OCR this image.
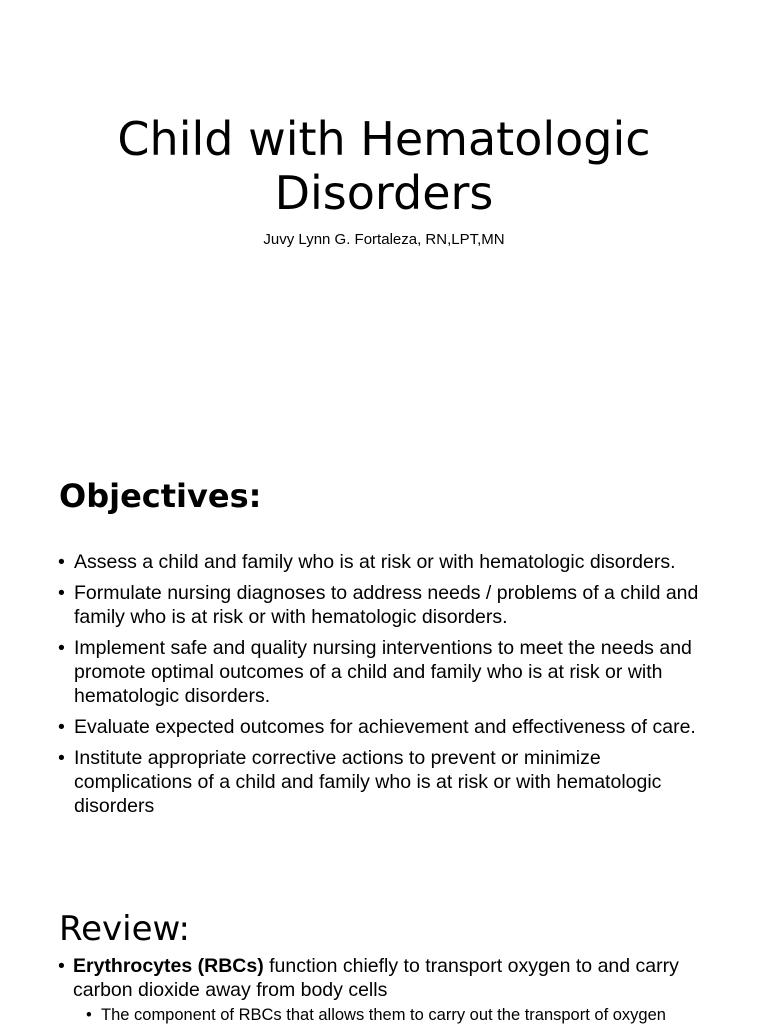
Child with Hematologic Disorders
Juvy Lynn G. Fortaleza, RN,LPT,MN
Objectives:
• Assess a child and family who is at risk or with hematologic disorders.
• Formulate nursing diagnoses to address needs / problems of a child and family who is at risk or with hematologic disorders.
• Implement safe and quality nursing interventions to meet the needs and promote optimal outcomes of a child and family who is at risk or with hematologic disorders.
• Evaluate expected outcomes for achievement and effectiveness of care.
• Institute appropriate corrective actions to prevent or minimize complications of a child and family who is at risk or with hematologic disorders
Review:
• Erythrocytes (RBCs) function chiefly to transport oxygen to and carry carbon dioxide away from body cells
• The component of RBCs that allows them to carry out the transport of oxygen
